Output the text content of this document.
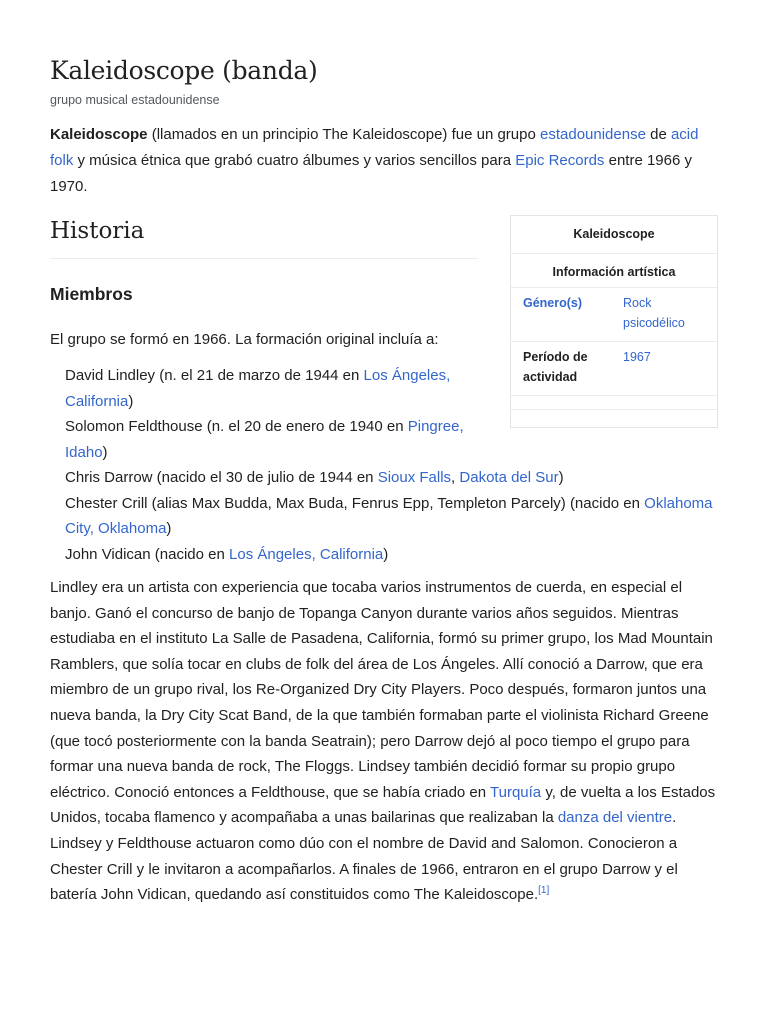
Kaleidoscope (banda)
grupo musical estadounidense

Kaleidoscope (llamados en un principio The Kaleidoscope) fue un grupo estadounidense de acid folk y música étnica que grabó cuatro álbumes y varios sencillos para Epic Records entre 1966 y 1970.

Historia	Kaleidoscope
Información artística
Género(s)	Rock psicodélico
Período de actividad
1967
Miembros

El grupo se formó en 1966. La formación original incluía a:

David Lindley (n. el 21 de marzo de 1944 en Los Ángeles, California)
Solomon Feldthouse (n. el 20 de enero de 1940 en Pingree, Idaho)
Chris Darrow (nacido el 30 de julio de 1944 en Sioux Falls, Dakota del Sur)
Chester Crill (alias Max Budda, Max Buda, Fenrus Epp, Templeton Parcely) (nacido en Oklahoma City, Oklahoma)
John Vidican (nacido en Los Ángeles, California)

Lindley era un artista con experiencia que tocaba varios instrumentos de cuerda, en especial el banjo. Ganó el concurso de banjo de Topanga Canyon durante varios años seguidos. Mientras estudiaba en el instituto La Salle de Pasadena, California, formó su primer grupo, los Mad Mountain Ramblers, que solía tocar en clubs de folk del área de Los Ángeles. Allí conoció a Darrow, que era miembro de un grupo rival, los Re-Organized Dry City Players. Poco después, formaron juntos una nueva banda, la Dry City Scat Band, de la que también formaban parte el violinista Richard Greene (que tocó posteriormente con la banda Seatrain); pero Darrow dejó al poco tiempo el grupo para formar una nueva banda de rock, The Floggs. Lindsey también decidió formar su propio grupo eléctrico. Conoció entonces a Feldthouse, que se había criado en Turquía y, de vuelta a los Estados Unidos, tocaba flamenco y acompañaba a unas bailarinas que realizaban la danza del vientre. Lindsey y Feldthouse actuaron como dúo con el nombre de David and Salomon. Conocieron a Chester Crill y le invitaron a acompañarlos. A finales de 1966, entraron en el grupo Darrow y el batería John Vidican, quedando así constituidos como The Kaleidoscope.[1]
